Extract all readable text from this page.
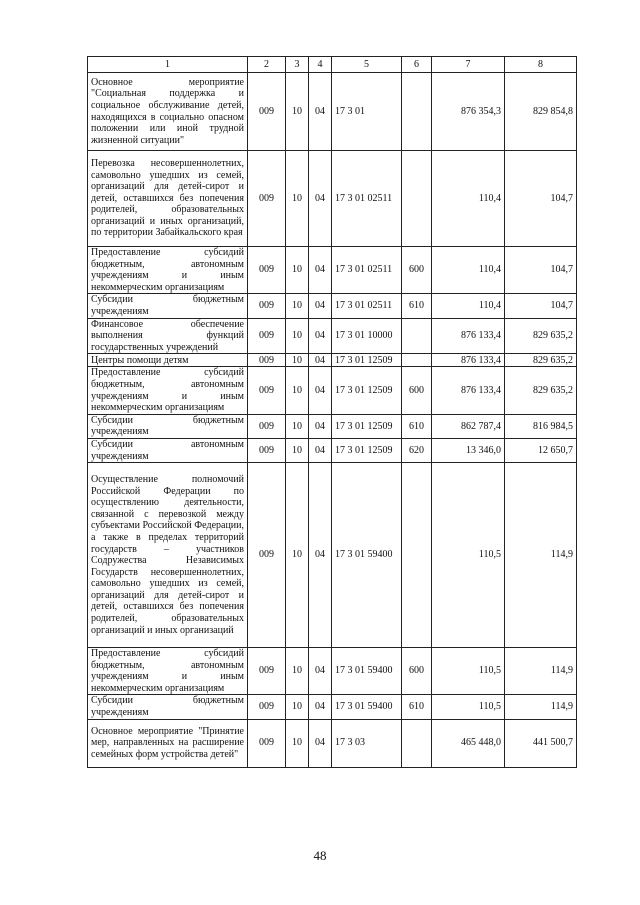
1	2	3	4	5	6	7	8
Основное мероприятие "Социальная поддержка и социальное обслуживание детей, находящихся в социально опасном положении или иной трудной жизненной ситуации"	009	10	04	17 3 01		876 354,3	829 854,8
Перевозка несовершеннолетних, самовольно ушедших из семей, организаций для детей-сирот и детей, оставшихся без попечения родителей, образовательных организаций и иных организаций, по территории Забайкальского края	009	10	04	17 3 01 02511		110,4	104,7
Предоставление субсидий бюджетным, автономным учреждениям и иным некоммерческим организациям	009	10	04	17 3 01 02511	600	110,4	104,7
Субсидии бюджетным учреждениям	009	10	04	17 3 01 02511	610	110,4	104,7
Финансовое обеспечение выполнения функций государственных учреждений	009	10	04	17 3 01 10000		876 133,4	829 635,2
Центры помощи детям	009	10	04	17 3 01 12509		876 133,4	829 635,2
Предоставление субсидий бюджетным, автономным учреждениям и иным некоммерческим организациям	009	10	04	17 3 01 12509	600	876 133,4	829 635,2
Субсидии бюджетным учреждениям	009	10	04	17 3 01 12509	610	862 787,4	816 984,5
Субсидии автономным учреждениям	009	10	04	17 3 01 12509	620	13 346,0	12 650,7
Осуществление полномочий Российской Федерации по осуществлению деятельности, связанной с перевозкой между субъектами Российской Федерации, а также в пределах территорий государств – участников Содружества Независимых Государств несовершеннолетних, самовольно ушедших из семей, организаций для детей-сирот и детей, оставшихся без попечения родителей, образовательных организаций и иных организаций	009	10	04	17 3 01 59400		110,5	114,9
Предоставление субсидий бюджетным, автономным учреждениям и иным некоммерческим организациям	009	10	04	17 3 01 59400	600	110,5	114,9
Субсидии бюджетным учреждениям	009	10	04	17 3 01 59400	610	110,5	114,9
Основное мероприятие "Принятие мер, направленных на расширение семейных форм устройства детей"	009	10	04	17 3 03		465 448,0	441 500,7
48
